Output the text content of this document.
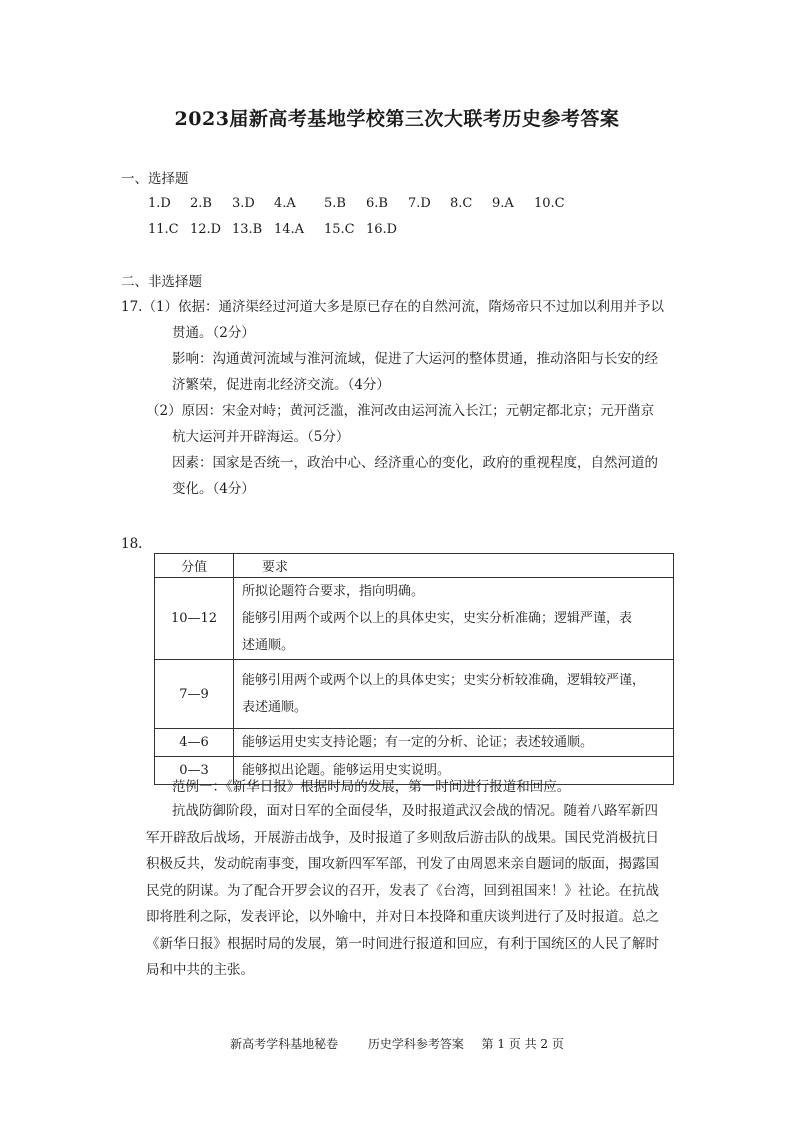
2023届新高考基地学校第三次大联考历史参考答案
一、选择题
1.D 2.B 3.D 4.A 5.B 6.B 7.D 8.C 9.A 10.C
11.C 12.D 13.B 14.A 15.C 16.D
二、非选择题
17.（1）依据：通济渠经过河道大多是原已存在的自然河流，隋炀帝只不过加以利用并予以
贯通。（2分）
影响：沟通黄河流域与淮河流域，促进了大运河的整体贯通，推动洛阳与长安的经
济繁荣，促进南北经济交流。（4分）
（2）原因：宋金对峙；黄河泛滥，淮河改由运河流入长江；元朝定都北京；元开凿京
杭大运河并开辟海运。（5分）
因素：国家是否统一，政治中心、经济重心的变化，政府的重视程度，自然河道的
变化。（4分）
18.
分值	要求
10—12	所拟论题符合要求，指向明确。
能够引用两个或两个以上的具体史实，史实分析准确；逻辑严谨，表
述通顺。

7—9	能够引用两个或两个以上的具体史实；史实分析较准确，逻辑较严谨，
表述通顺。

4—6	能够运用史实支持论题；有一定的分析、论证；表述较通顺。

0—3	能够拟出论题。能够运用史实说明。
范例一：《新华日报》根据时局的发展，第一时间进行报道和回应。
抗战防御阶段，面对日军的全面侵华，及时报道武汉会战的情况。随着八路军新四
军开辟敌后战场，开展游击战争，及时报道了多则敌后游击队的战果。国民党消极抗日
积极反共，发动皖南事变，围攻新四军军部，刊发了由周恩来亲自题词的版面，揭露国
民党的阴谋。为了配合开罗会议的召开，发表了《台湾，回到祖国来！》社论。在抗战
即将胜利之际，发表评论，以外喻中，并对日本投降和重庆谈判进行了及时报道。总之
《新华日报》根据时局的发展，第一时间进行报道和回应，有利于国统区的人民了解时
局和中共的主张。
新高考学科基地秘卷 历史学科参考答案 第 1 页 共 2 页
